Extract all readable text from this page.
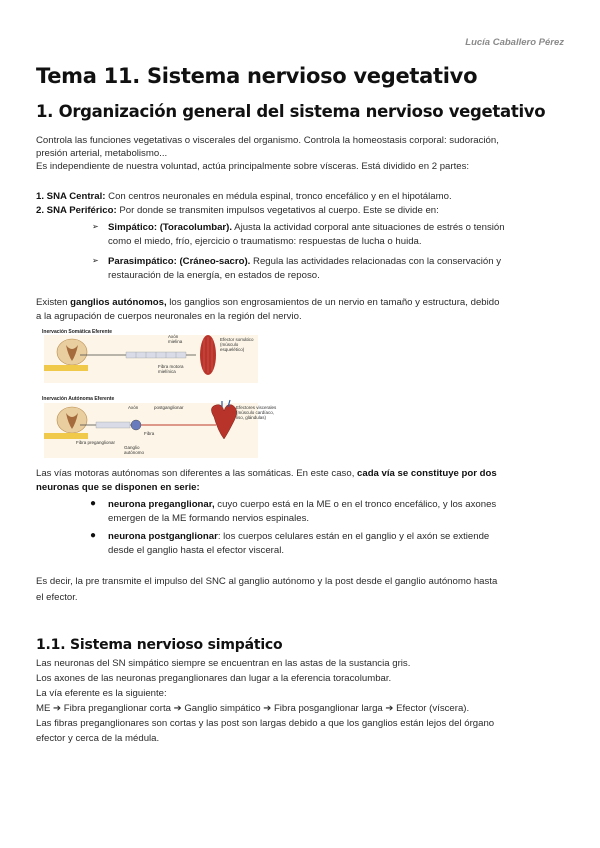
Lucía Caballero Pérez
Tema 11. Sistema nervioso vegetativo
1. Organización general del sistema nervioso vegetativo
Controla las funciones vegetativas o viscerales del organismo. Controla la homeostasis corporal: sudoración,
presión arterial, metabolismo...
Es independiente de nuestra voluntad, actúa principalmente sobre vísceras. Está dividido en 2 partes:
1. SNA Central: Con centros neuronales en médula espinal, tronco encefálico y en el hipotálamo.
2. SNA Periférico: Por donde se transmiten impulsos vegetativos al cuerpo. Este se divide en:
➢ Simpático: (Toracolumbar). Ajusta la actividad corporal ante situaciones de estrés o tensión
como el miedo, frío, ejercicio o traumatismo: respuestas de lucha o huida.
➢ Parasimpático: (Cráneo-sacro). Regula las actividades relacionadas con la conservación y
restauración de la energía, en estados de reposo.
Existen ganglios autónomos, los ganglios son engrosamientos de un nervio en tamaño y estructura, debido
a la agrupación de cuerpos neuronales en la región del nervio.
Inervación Somática Eferente
Axón
mielina
Fibra motora
mielínica
Efector somático
(músculo
esquelético)
Inervación Autónoma Eferente
Axón	postganglionar
Fibra preganglionar
Fibra
Ganglio
autónomo
Efectores viscerales
(músculo cardíaco,
liso, glándulas)
Las vías motoras autónomas son diferentes a las somáticas. En este caso, cada vía se constituye por dos
neuronas que se disponen en serie:
● neurona preganglionar, cuyo cuerpo está en la ME o en el tronco encefálico, y los axones
emergen de la ME formando nervios espinales.
● neurona postganglionar: los cuerpos celulares están en el ganglio y el axón se extiende
desde el ganglio hasta el efector visceral.
Es decir, la pre transmite el impulso del SNC al ganglio autónomo y la post desde el ganglio autónomo hasta
el efector.
1.1. Sistema nervioso simpático
Las neuronas del SN simpático siempre se encuentran en las astas de la sustancia gris.
Los axones de las neuronas preganglionares dan lugar a la eferencia toracolumbar.
La vía eferente es la siguiente:
ME ➔ Fibra preganglionar corta ➔ Ganglio simpático ➔ Fibra posganglionar larga ➔ Efector (víscera).
Las fibras preganglionares son cortas y las post son largas debido a que los ganglios están lejos del órgano
efector y cerca de la médula.
